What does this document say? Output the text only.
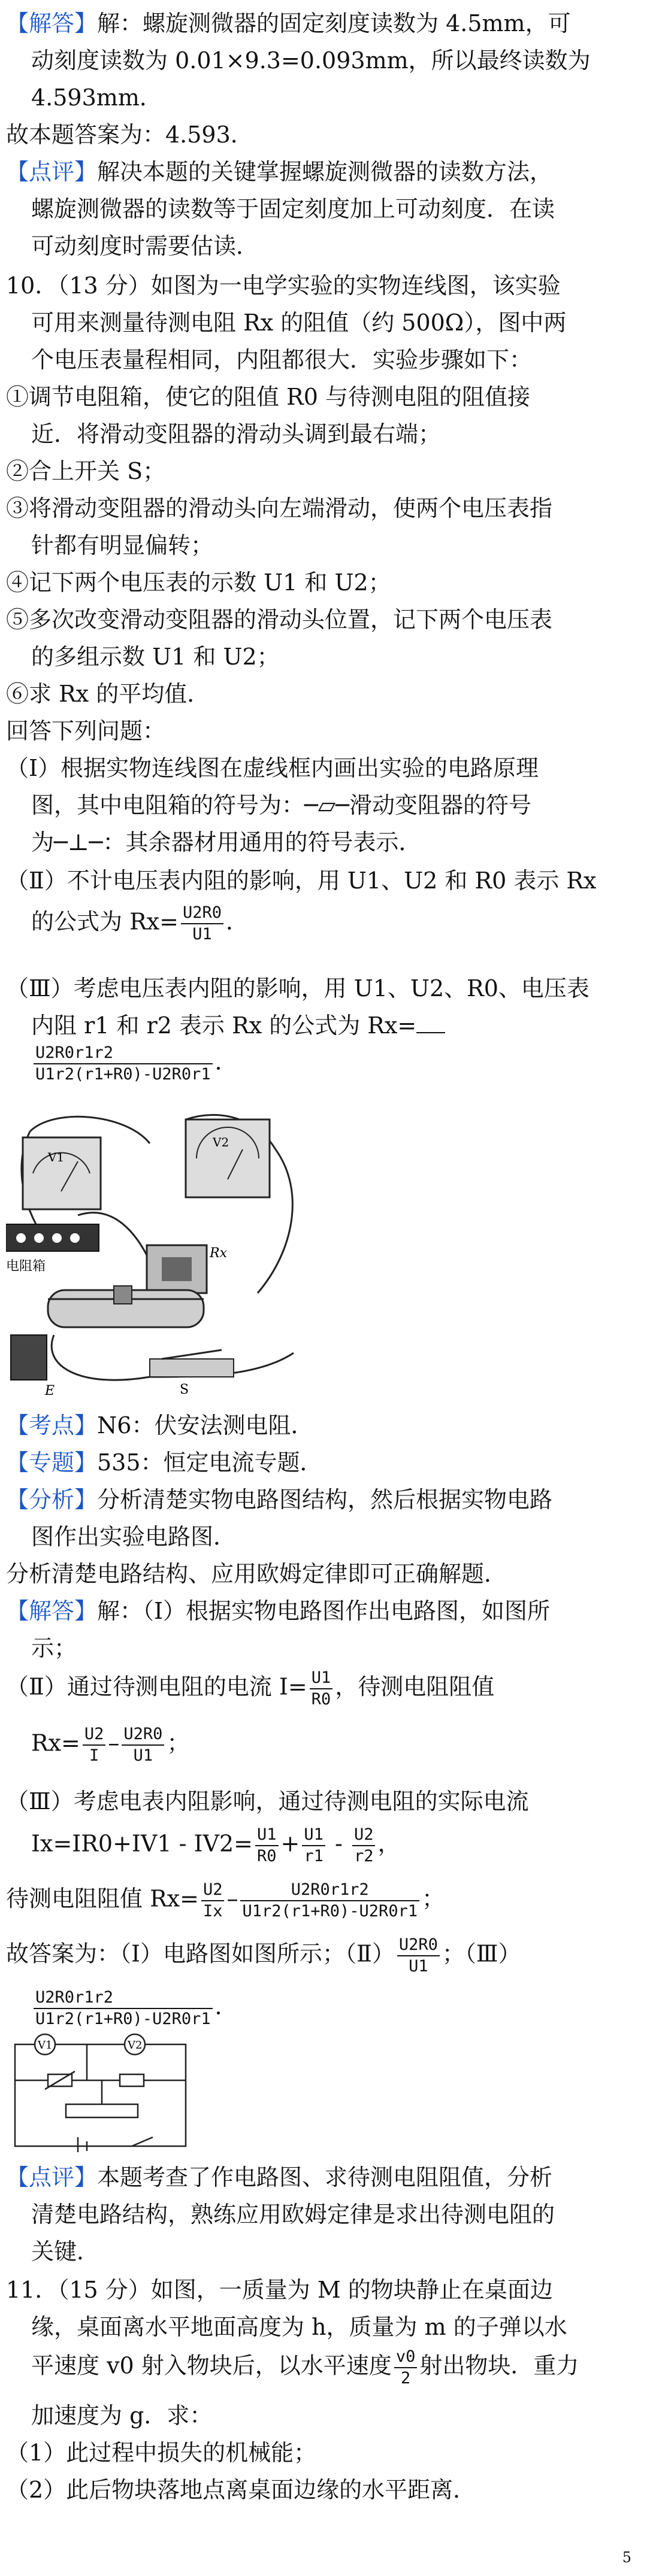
【解答】解：螺旋测微器的固定刻度读数为 4.5mm，可
动刻度读数为 0.01×9.3=0.093mm，所以最终读数为
4.593mm．
故本题答案为：4.593．
【点评】解决本题的关键掌握螺旋测微器的读数方法，
螺旋测微器的读数等于固定刻度加上可动刻度．在读
可动刻度时需要估读．
10．（13 分）如图为一电学实验的实物连线图，该实验
可用来测量待测电阻 Rx 的阻值（约 500Ω），图中两
个电压表量程相同，内阻都很大．实验步骤如下：
①调节电阻箱，使它的阻值 R0 与待测电阻的阻值接
近．将滑动变阻器的滑动头调到最右端；
②合上开关 S；
③将滑动变阻器的滑动头向左端滑动，使两个电压表指
针都有明显偏转；
④记下两个电压表的示数 U1 和 U2；
⑤多次改变滑动变阻器的滑动头位置，记下两个电压表
的多组示数 U1 和 U2；
⑥求 Rx 的平均值．
回答下列问题：
（Ⅰ）根据实物连线图在虚线框内画出实验的电路原理
图，其中电阻箱的符号为：─▱─滑动变阻器的符号
为─⊥─：其余器材用通用的符号表示．
（Ⅱ）不计电压表内阻的影响，用 U1、U2 和 R0 表示 Rx
的公式为 $Rx= \frac{U2R0}{U1}$ ．
（Ⅲ）考虑电压表内阻的影响，用 U1、U2、R0、电压表
内阻 r1 和 r2 表示 Rx 的公式为 Rx=
$\frac{U2R0r1r2}{U1r2(r1+R0)-U2R0r1}$ ．
V1
V2
电阻箱
Rx
E	S
【考点】N6：伏安法测电阻．
【专题】535：恒定电流专题．
【分析】分析清楚实物电路图结构，然后根据实物电路
图作出实验电路图．
分析清楚电路结构、应用欧姆定律即可正确解题．
【解答】解：（Ⅰ）根据实物电路图作出电路图，如图所
示；
（Ⅱ）通过待测电阻的电流 $I= \frac{U1}{R0}$ ，待测电阻阻值
$Rx= \frac{U2}{I} - \frac{U2R0}{U1}$ ；
（Ⅲ）考虑电表内阻影响，通过待测电阻的实际电流
$Ix=IR0+IV1 - IV2= \frac{U1}{R0} + \frac{U1}{r1} - \frac{U2}{r2}$ ，
待测电阻阻值 $Rx= \frac{U2}{Ix} - \frac{U2R0r1r2}{U1r2(r1+R0)-U2R0r1}$ ；
故答案为：（Ⅰ）电路图如图所示；（Ⅱ） $\frac{U2R0}{U1}$ ；（Ⅲ）
$\frac{U2R0r1r2}{U1r2(r1+R0)-U2R0r1}$ ．
V1	V2
【点评】本题考查了作电路图、求待测电阻阻值，分析
清楚电路结构，熟练应用欧姆定律是求出待测电阻的
关键．
11．（15 分）如图，一质量为 M 的物块静止在桌面边
缘，桌面离水平地面高度为 h，质量为 m 的子弹以水
平速度 v0 射入物块后，以水平速度 $\frac{v0}{2}$ 射出物块．重力
加速度为 g．求：
（1）此过程中损失的机械能；
（2）此后物块落地点离桌面边缘的水平距离．
5
